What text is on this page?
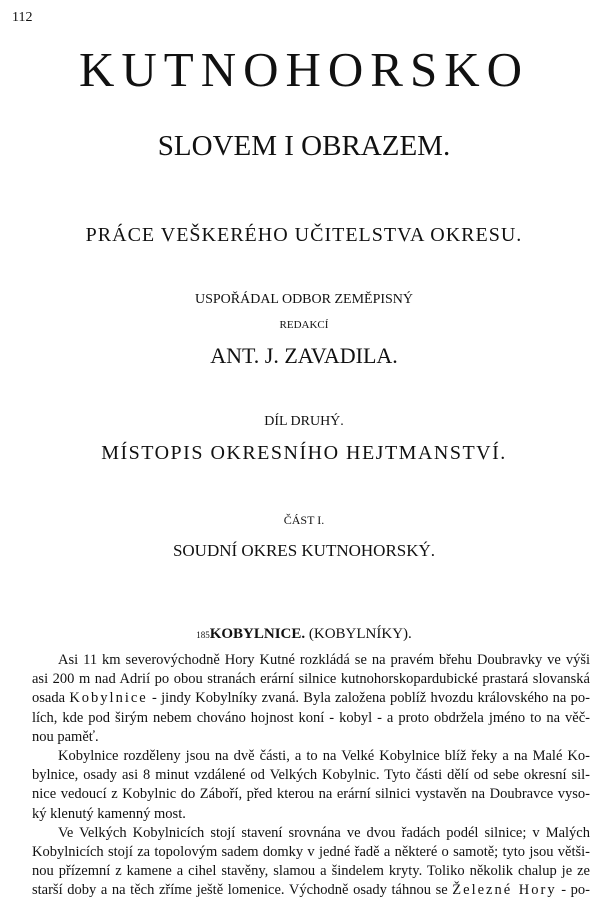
112
KUTNOHORSKO
SLOVEM I OBRAZEM.
PRÁCE VEŠKERÉHO UČITELSTVA OKRESU.
USPOŘÁDAL ODBOR ZEMĚPISNÝ
REDAKCÍ
ANT. J. ZAVADILA.
DÍL DRUHÝ.
MÍSTOPIS OKRESNÍHO HEJTMANSTVÍ.
ČÁST I.
SOUDNÍ OKRES KUTNOHORSKÝ.
185KOBYLNICE. (KOBYLNÍKY).
Asi 11 km severovýchodně Hory Kutné rozkládá se na pravém břehu Doubravky ve výši
asi 200 m nad Adrií po obou stranách erární silnice kutnohorskopardubické prastará slovanská
osada Kobylnice - jindy Kobylníky zvaná. Byla založena poblíž hvozdu královského na po-
lích, kde pod širým nebem chováno hojnost koní - kobyl - a proto obdržela jméno to na věč-
nou paměť.
Kobylnice rozděleny jsou na dvě části, a to na Velké Kobylnice blíž řeky a na Malé Ko-
bylnice, osady asi 8 minut vzdálené od Velkých Kobylnic. Tyto části dělí od sebe okresní sil-
nice vedoucí z Kobylnic do Záboří, před kterou na erární silnici vystavěn na Doubravce vyso-
ký klenutý kamenný most.
Ve Velkých Kobylnicích stojí stavení srovnána ve dvou řadách podél silnice; v Malých
Kobylnicích stojí za topolovým sadem domky v jedné řadě a některé o samotě; tyto jsou větši-
nou přízemní z kamene a cihel stavěny, slamou a šindelem kryty. Toliko několik chalup je ze
starší doby a na těch zříme ještě lomenice. Východně osady táhnou se Železné Hory - po-
